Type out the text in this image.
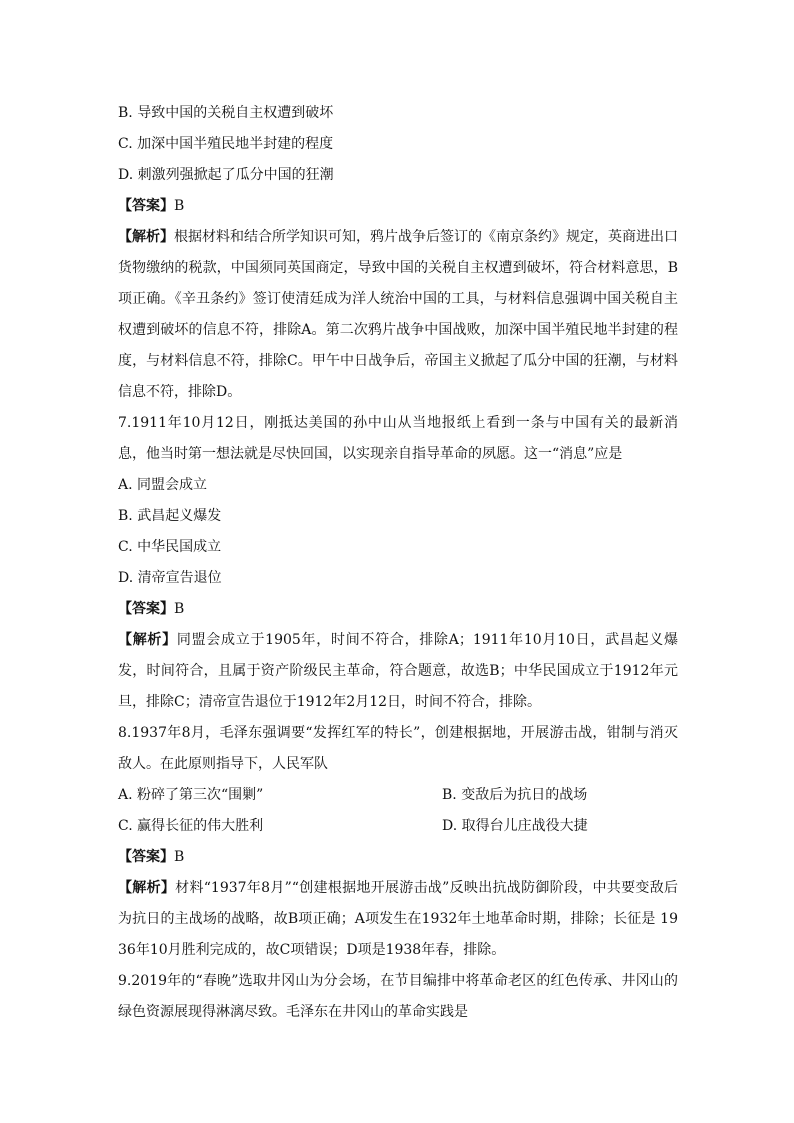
B. 导致中国的关税自主权遭到破坏
C. 加深中国半殖民地半封建的程度
D. 刺激列强掀起了瓜分中国的狂潮
【答案】B
【解析】根据材料和结合所学知识可知，鸦片战争后签订的《南京条约》规定，英商进出口货物缴纳的税款，中国须同英国商定，导致中国的关税自主权遭到破坏，符合材料意思，B项正确。《辛丑条约》签订使清廷成为洋人统治中国的工具，与材料信息强调中国关税自主权遭到破坏的信息不符，排除A。第二次鸦片战争中国战败，加深中国半殖民地半封建的程度，与材料信息不符，排除C。甲午中日战争后，帝国主义掀起了瓜分中国的狂潮，与材料信息不符，排除D。
7.1911年10月12日，刚抵达美国的孙中山从当地报纸上看到一条与中国有关的最新消息，他当时第一想法就是尽快回国，以实现亲自指导革命的夙愿。这一“消息”应是
A. 同盟会成立
B. 武昌起义爆发
C. 中华民国成立
D. 清帝宣告退位
【答案】B
【解析】同盟会成立于1905年，时间不符合，排除A；1911年10月10日，武昌起义爆发，时间符合，且属于资产阶级民主革命，符合题意，故选B；中华民国成立于1912年元旦，排除C；清帝宣告退位于1912年2月12日，时间不符合，排除。
8.1937年8月，毛泽东强调要“发挥红军的特长”，创建根据地，开展游击战，钳制与消灭敌人。在此原则指导下，人民军队
A. 粉碎了第三次“围剿”	B. 变敌后为抗日的战场
C. 赢得长征的伟大胜利	D. 取得台儿庄战役大捷
【答案】B
【解析】材料“1937年8月”“创建根据地开展游击战”反映出抗战防御阶段，中共要变敌后为抗日的主战场的战略，故B项正确；A项发生在1932年土地革命时期，排除；长征是 1936年10月胜利完成的，故C项错误；D项是1938年春，排除。
9.2019年的“春晚”选取井冈山为分会场，在节目编排中将革命老区的红色传承、井冈山的绿色资源展现得淋漓尽致。毛泽东在井冈山的革命实践是
